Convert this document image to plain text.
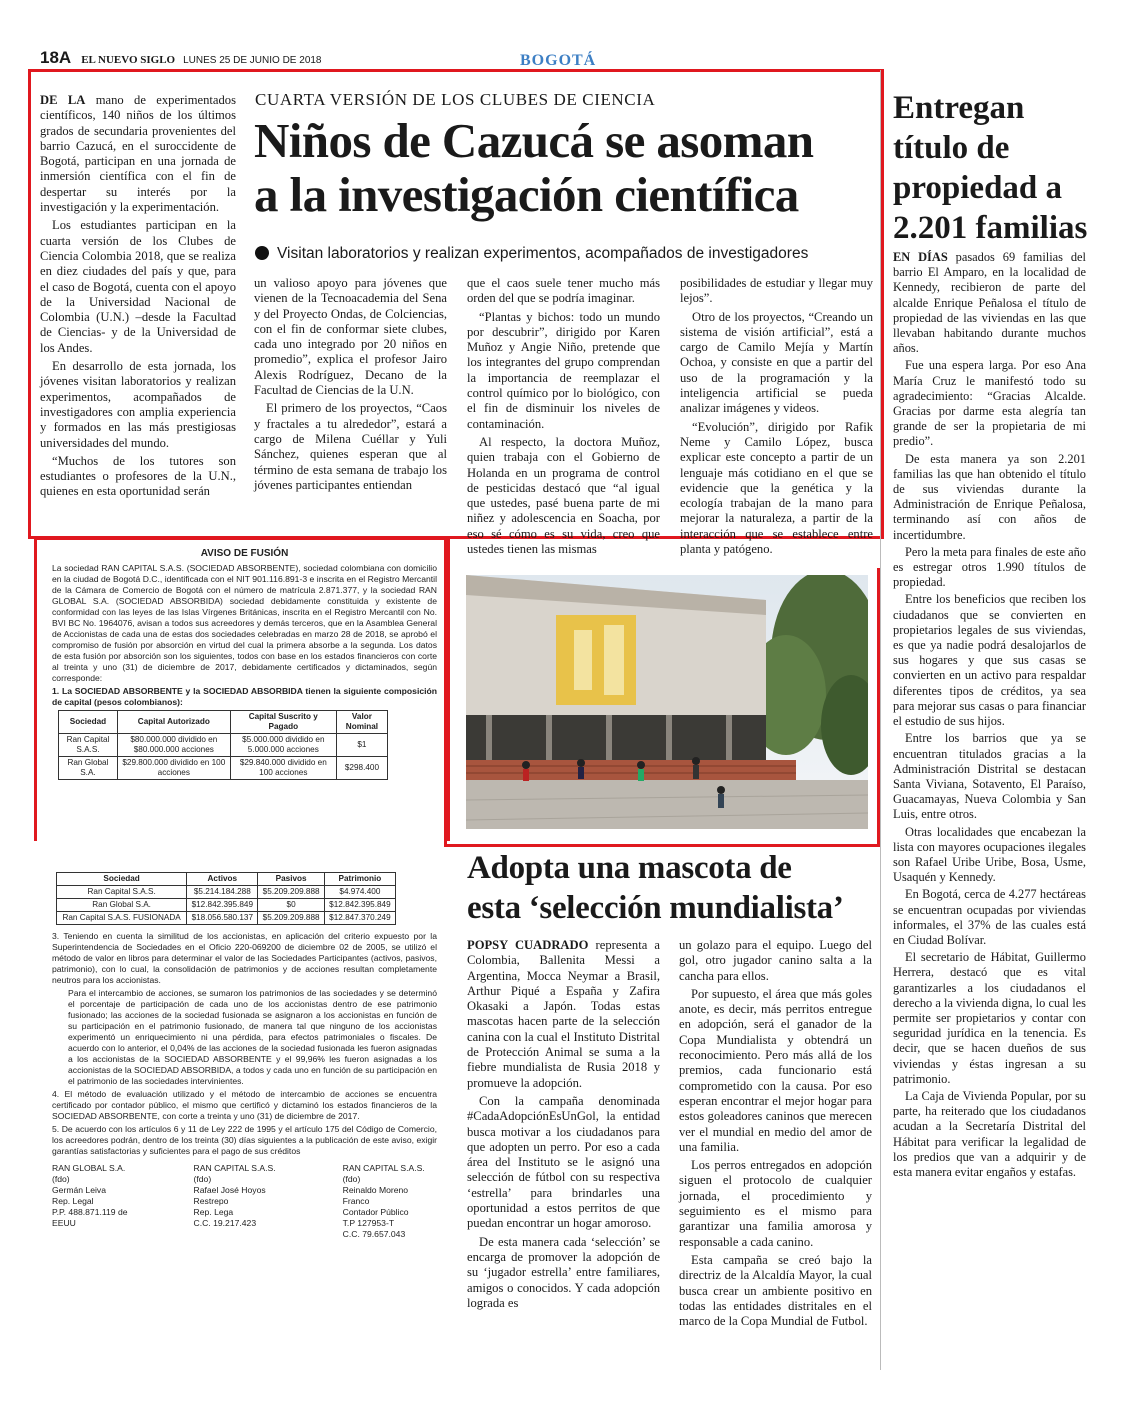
18A EL NUEVO SIGLO LUNES 25 DE JUNIO DE 2018	BOGOTÁ
CUARTA VERSIÓN DE LOS CLUBES DE CIENCIA
Niños de Cazucá se asoman
a la investigación científica
Visitan laboratorios y realizan experimentos, acompañados de investigadores

DE LA mano de experimentados científicos, 140 niños de los últimos grados de secundaria provenientes del barrio Cazucá, en el suroccidente de Bogotá, participan en una jornada de inmersión científica con el fin de despertar su interés por la investigación y la experimentación.

Los estudiantes participan en la cuarta versión de los Clubes de Ciencia Colombia 2018, que se realiza en diez ciudades del país y que, para el caso de Bogotá, cuenta con el apoyo de la Universidad Nacional de Colombia (U.N.) –desde la Facultad de Ciencias- y de la Universidad de los Andes.

En desarrollo de esta jornada, los jóvenes visitan laboratorios y realizan experimentos, acompañados de investigadores con amplia experiencia y formados en las más prestigiosas universidades del mundo.

“Muchos de los tutores son estudiantes o profesores de la U.N., quienes en esta oportunidad serán

un valioso apoyo para jóvenes que vienen de la Tecnoacademia del Sena y del Proyecto Ondas, de Colciencias, con el fin de conformar siete clubes, cada uno integrado por 20 niños en promedio”, explica el profesor Jairo Alexis Rodríguez, Decano de la Facultad de Ciencias de la U.N.

El primero de los proyectos, “Caos y fractales a tu alrededor”, estará a cargo de Milena Cuéllar y Yuli Sánchez, quienes esperan que al término de esta semana de trabajo los jóvenes participantes entiendan

que el caos suele tener mucho más orden del que se podría imaginar.

“Plantas y bichos: todo un mundo por descubrir”, dirigido por Karen Muñoz y Angie Niño, pretende que los integrantes del grupo comprendan la importancia de reemplazar el control químico por lo biológico, con el fin de disminuir los niveles de contaminación.

Al respecto, la doctora Muñoz, quien trabaja con el Gobierno de Holanda en un programa de control de pesticidas destacó que “al igual que ustedes, pasé buena parte de mi niñez y adolescencia en Soacha, por eso sé cómo es su vida, creo que ustedes tienen las mismas

posibilidades de estudiar y llegar muy lejos”.

Otro de los proyectos, “Creando un sistema de visión artificial”, está a cargo de Camilo Mejía y Martín Ochoa, y consiste en que a partir del uso de la programación y la inteligencia artificial se pueda analizar imágenes y videos.

“Evolución”, dirigido por Rafik Neme y Camilo López, busca explicar este concepto a partir de un lenguaje más cotidiano en el que se evidencie que la genética y la ecología trabajan de la mano para mejorar la naturaleza, a partir de la interacción que se establece entre planta y patógeno.

AVISO DE FUSIÓN

La sociedad RAN CAPITAL S.A.S. (SOCIEDAD ABSORBENTE), sociedad colombiana con domicilio en la ciudad de Bogotá D.C., identificada con el NIT 901.116.891-3 e inscrita en el Registro Mercantil de la Cámara de Comercio de Bogotá con el número de matrícula 2.871.377, y la sociedad RAN GLOBAL S.A. (SOCIEDAD ABSORBIDA) sociedad debidamente constituida y existente de conformidad con las leyes de las Islas Vírgenes Británicas, inscrita en el Registro Mercantil con No. BVI BC No. 1964076, avisan a todos sus acreedores y demás terceros, que en la Asamblea General de Accionistas de cada una de estas dos sociedades celebradas en marzo 28 de 2018, se aprobó el compromiso de fusión por absorción en virtud del cual la primera absorbe a la segunda. Los datos de esta fusión por absorción son los siguientes, todos con base en los estados financieros con corte al treinta y uno (31) de diciembre de 2017, debidamente certificados y dictaminados, según corresponde:

1. La SOCIEDAD ABSORBENTE y la SOCIEDAD ABSORBIDA tienen la siguiente composición de capital (pesos colombianos):

Sociedad	Capital Autorizado	Capital Suscrito y Pagado	Valor Nominal
Ran Capital S.A.S.	$80.000.000 dividido en $80.000.000 acciones	$5.000.000 dividido en 5.000.000 acciones	$1
Ran Global S.A.	$29.800.000 dividido en 100 acciones	$29.840.000 dividido en 100 acciones	$298.400
Sociedad	Activos	Pasivos	Patrimonio
Ran Capital S.A.S.	$5.214.184.288	$5.209.209.888	$4.974.400
Ran Global S.A.	$12.842.395.849	$0	$12.842.395.849
Ran Capital S.A.S. FUSIONADA	$18.056.580.137	$5.209.209.888	$12.847.370.249

3. Teniendo en cuenta la similitud de los accionistas, en aplicación del criterio expuesto por la Superintendencia de Sociedades en el Oficio 220-069200 de diciembre 02 de 2005, se utilizó el método de valor en libros para determinar el valor de las Sociedades Participantes (activos, pasivos, patrimonio), con lo cual, la consolidación de patrimonios y de acciones resultan completamente neutros para los accionistas.

Para el intercambio de acciones, se sumaron los patrimonios de las sociedades y se determinó el porcentaje de participación de cada uno de los accionistas dentro de ese patrimonio fusionado; las acciones de la sociedad fusionada se asignaron a los accionistas en función de su participación en el patrimonio fusionado, de manera tal que ninguno de los accionistas experimentó un enriquecimiento ni una pérdida, para efectos patrimoniales o fiscales. De acuerdo con lo anterior, el 0,04% de las acciones de la sociedad fusionada les fueron asignadas a los accionistas de la SOCIEDAD ABSORBENTE y el 99,96% les fueron asignadas a los accionistas de la SOCIEDAD ABSORBIDA, a todos y cada uno en función de su participación en el patrimonio de las sociedades intervinientes.

4. El método de evaluación utilizado y el método de intercambio de acciones se encuentra certificado por contador público, el mismo que certificó y dictaminó los estados financieros de la SOCIEDAD ABSORBENTE, con corte a treinta y uno (31) de diciembre de 2017.

5. De acuerdo con los artículos 6 y 11 de Ley 222 de 1995 y el artículo 175 del Código de Comercio, los acreedores podrán, dentro de los treinta (30) días siguientes a la publicación de este aviso, exigir garantías satisfactorias y suficientes para el pago de sus créditos

RAN GLOBAL S.A.
(fdo)
Germán Leiva
Rep. Legal
P.P. 488.871.119 de EEUU
RAN CAPITAL S.A.S.
(fdo)
Rafael José Hoyos Restrepo
Rep. Lega
C.C. 19.217.423
RAN CAPITAL S.A.S.
(fdo)
Reinaldo Moreno Franco
Contador Público
T.P 127953-T
C.C. 79.657.043
Adopta una mascota de
esta ‘selección mundialista’

POPSY CUADRADO representa a Colombia, Ballenita Messi a Argentina, Mocca Neymar a Brasil, Arthur Piqué a España y Zafira Okasaki a Japón. Todas estas mascotas hacen parte de la selección canina con la cual el Instituto Distrital de Protección Animal se suma a la fiebre mundialista de Rusia 2018 y promueve la adopción.

Con la campaña denominada #CadaAdopciónEsUnGol, la entidad busca motivar a los ciudadanos para que adopten un perro. Por eso a cada área del Instituto se le asignó una selección de fútbol con su respectiva ‘estrella’ para brindarles una oportunidad a estos perritos de que puedan encontrar un hogar amoroso.

De esta manera cada ‘selección’ se encarga de promover la adopción de su ‘jugador estrella’ entre familiares, amigos o conocidos. Y cada adopción lograda es

un golazo para el equipo. Luego del gol, otro jugador canino salta a la cancha para ellos.

Por supuesto, el área que más goles anote, es decir, más perritos entregue en adopción, será el ganador de la Copa Mundialista y obtendrá un reconocimiento. Pero más allá de los premios, cada funcionario está comprometido con la causa. Por eso esperan encontrar el mejor hogar para estos goleadores caninos que merecen ver el mundial en medio del amor de una familia.

Los perros entregados en adopción siguen el protocolo de cualquier jornada, el procedimiento y seguimiento es el mismo para garantizar una familia amorosa y responsable a cada canino.

Esta campaña se creó bajo la directriz de la Alcaldía Mayor, la cual busca crear un ambiente positivo en todas las entidades distritales en el marco de la Copa Mundial de Futbol.

Entregan título de propiedad a 2.201 familias

EN DÍAS pasados 69 familias del barrio El Amparo, en la localidad de Kennedy, recibieron de parte del alcalde Enrique Peñalosa el título de propiedad de las viviendas en las que llevaban habitando durante muchos años.

Fue una espera larga. Por eso Ana María Cruz le manifestó todo su agradecimiento: “Gracias Alcalde. Gracias por darme esta alegría tan grande de ser la propietaria de mi predio”.

De esta manera ya son 2.201 familias las que han obtenido el título de sus viviendas durante la Administración de Enrique Peñalosa, terminando así con años de incertidumbre.

Pero la meta para finales de este año es estregar otros 1.990 títulos de propiedad.

Entre los beneficios que reciben los ciudadanos que se convierten en propietarios legales de sus viviendas, es que ya nadie podrá desalojarlos de sus hogares y que sus casas se convierten en un activo para respaldar diferentes tipos de créditos, ya sea para mejorar sus casas o para financiar el estudio de sus hijos.

Entre los barrios que ya se encuentran titulados gracias a la Administración Distrital se destacan Santa Viviana, Sotavento, El Paraíso, Guacamayas, Nueva Colombia y San Luis, entre otros.

Otras localidades que encabezan la lista con mayores ocupaciones ilegales son Rafael Uribe Uribe, Bosa, Usme, Usaquén y Kennedy.

En Bogotá, cerca de 4.277 hectáreas se encuentran ocupadas por viviendas informales, el 37% de las cuales está en Ciudad Bolívar.

El secretario de Hábitat, Guillermo Herrera, destacó que es vital garantizarles a los ciudadanos el derecho a la vivienda digna, lo cual les permite ser propietarios y contar con seguridad jurídica en la tenencia. Es decir, que se hacen dueños de sus viviendas y éstas ingresan a su patrimonio.

La Caja de Vivienda Popular, por su parte, ha reiterado que los ciudadanos acudan a la Secretaría Distrital del Hábitat para verificar la legalidad de los predios que van a adquirir y de esta manera evitar engaños y estafas.
